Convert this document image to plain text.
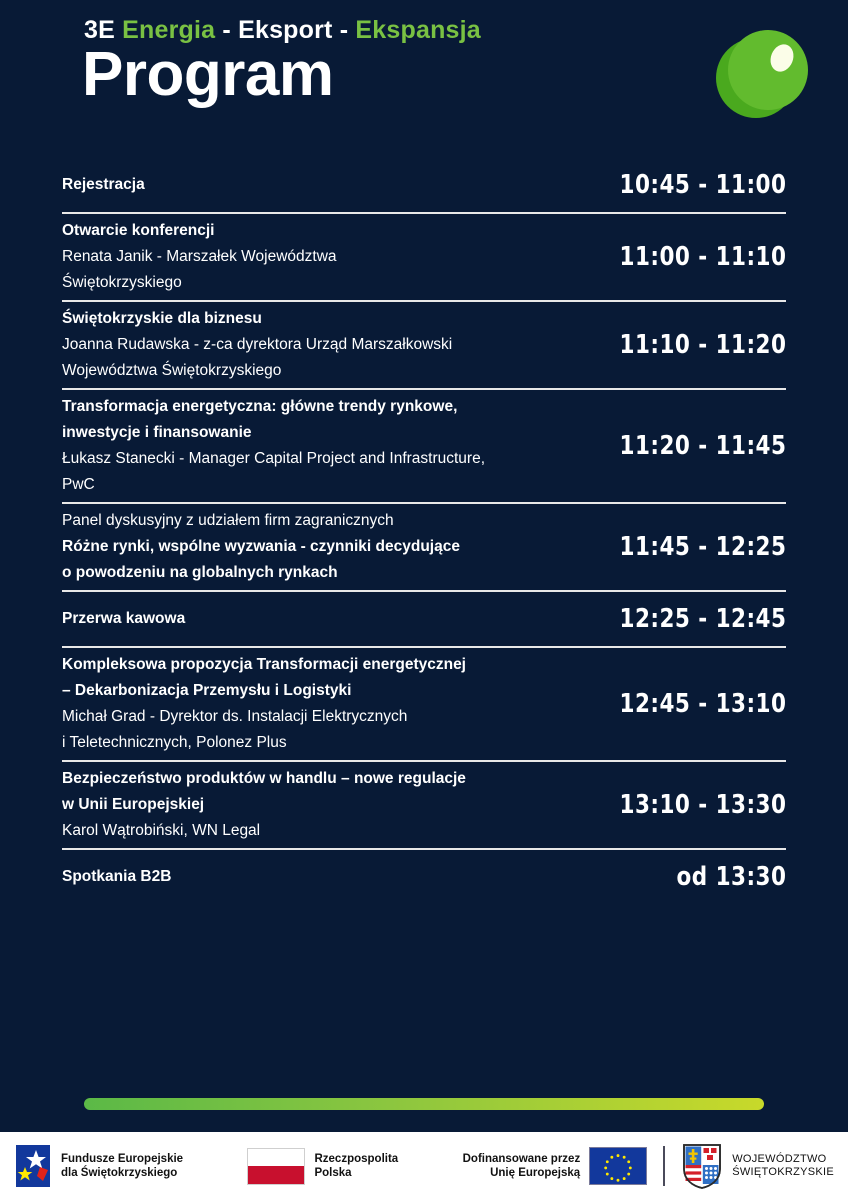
3E Energia - Eksport - Ekspansja
Program
Rejestracja	10:45 - 11:00
Otwarcie konferencji
Renata Janik - Marszałek Województwa
Świętokrzyskiego
11:00 - 11:10
Świętokrzyskie dla biznesu
Joanna Rudawska - z-ca dyrektora Urząd Marszałkowski
Województwa Świętokrzyskiego
11:10 - 11:20
Transformacja energetyczna: główne trendy rynkowe,
inwestycje i finansowanie
Łukasz Stanecki - Manager Capital Project and Infrastructure,
PwC
11:20 - 11:45
Panel dyskusyjny z udziałem firm zagranicznych
Różne rynki, wspólne wyzwania - czynniki decydujące
o powodzeniu na globalnych rynkach
11:45 - 12:25
Przerwa kawowa	12:25 - 12:45
Kompleksowa propozycja Transformacji energetycznej
– Dekarbonizacja Przemysłu i Logistyki
Michał Grad - Dyrektor ds. Instalacji Elektrycznych
i Teletechnicznych, Polonez Plus
12:45 - 13:10
Bezpieczeństwo produktów w handlu – nowe regulacje
w Unii Europejskiej
Karol Wątrobiński, WN Legal
13:10 - 13:30
Spotkania B2B	od 13:30
Fundusze Europejskie
dla Świętokrzyskiego
Rzeczpospolita
Polska
Dofinansowane przez
Unię Europejską
WOJEWÓDZTWO
ŚWIĘTOKRZYSKIE
